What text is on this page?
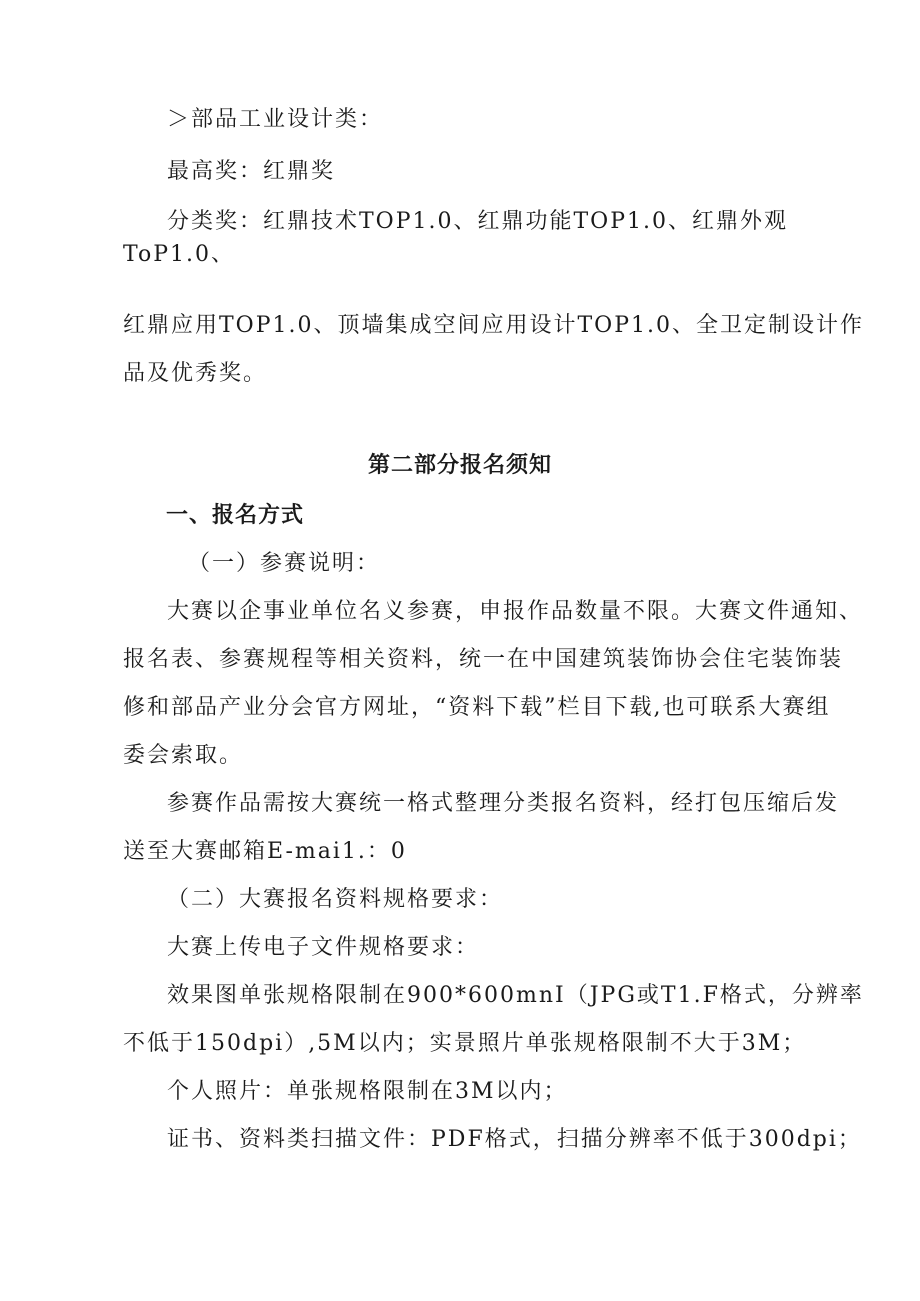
＞部品工业设计类：
最高奖：红鼎奖
分类奖：红鼎技术TOP1.0、红鼎功能TOP1.0、红鼎外观
ToP1.0、
红鼎应用TOP1.0、顶墙集成空间应用设计TOP1.0、全卫定制设计作
品及优秀奖。
第二部分报名须知
一、报名方式
（一）参赛说明：
大赛以企事业单位名义参赛，申报作品数量不限。大赛文件通知、
报名表、参赛规程等相关资料，统一在中国建筑装饰协会住宅装饰装
修和部品产业分会官方网址，“资料下载”栏目下载,也可联系大赛组
委会索取。
参赛作品需按大赛统一格式整理分类报名资料，经打包压缩后发
送至大赛邮箱E-mai1.：0
（二）大赛报名资料规格要求：
大赛上传电子文件规格要求：
效果图单张规格限制在900*600mnI（JPG或T1.F格式，分辨率
不低于150dpi）,5M以内；实景照片单张规格限制不大于3M；
个人照片：单张规格限制在3M以内；
证书、资料类扫描文件：PDF格式，扫描分辨率不低于300dpi；
